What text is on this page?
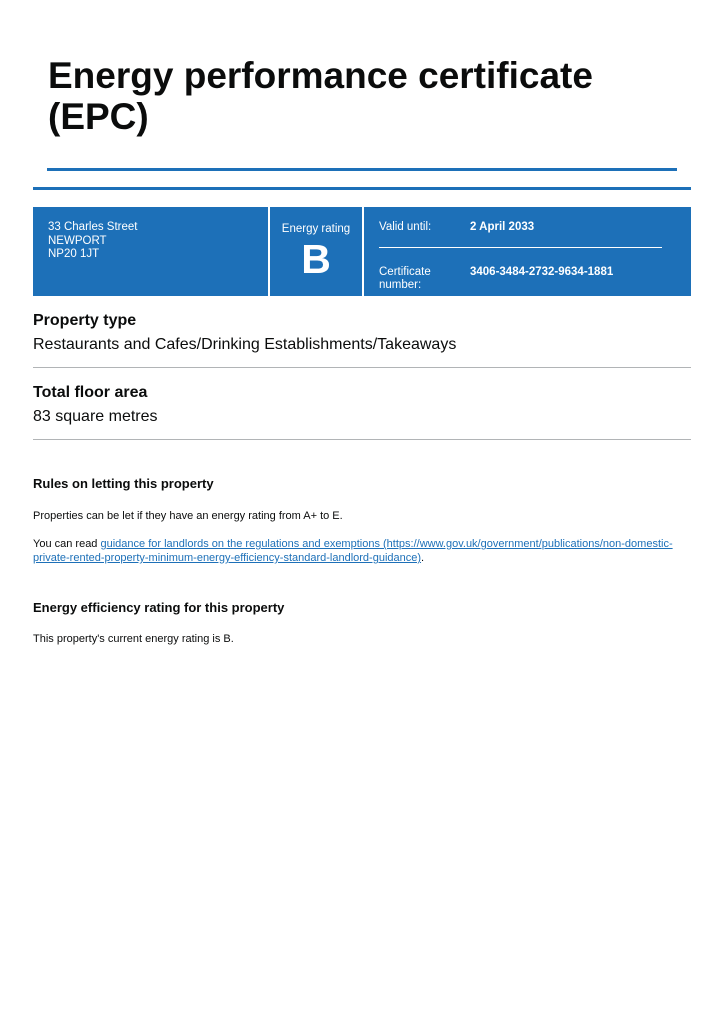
Energy performance certificate (EPC)
33 Charles Street
NEWPORT
NP20 1JT
Energy rating
B
Valid until:	2 April 2033
Certificate number:
3406-3484-2732-9634-1881
Property type
Restaurants and Cafes/Drinking Establishments/Takeaways
Total floor area
83 square metres
Rules on letting this property

Properties can be let if they have an energy rating from A+ to E.

You can read guidance for landlords on the regulations and exemptions (https://www.gov.uk/government/publications/non-domestic-private-rented-property-minimum-energy-efficiency-standard-landlord-guidance).

Energy efficiency rating for this property

This property's current energy rating is B.
